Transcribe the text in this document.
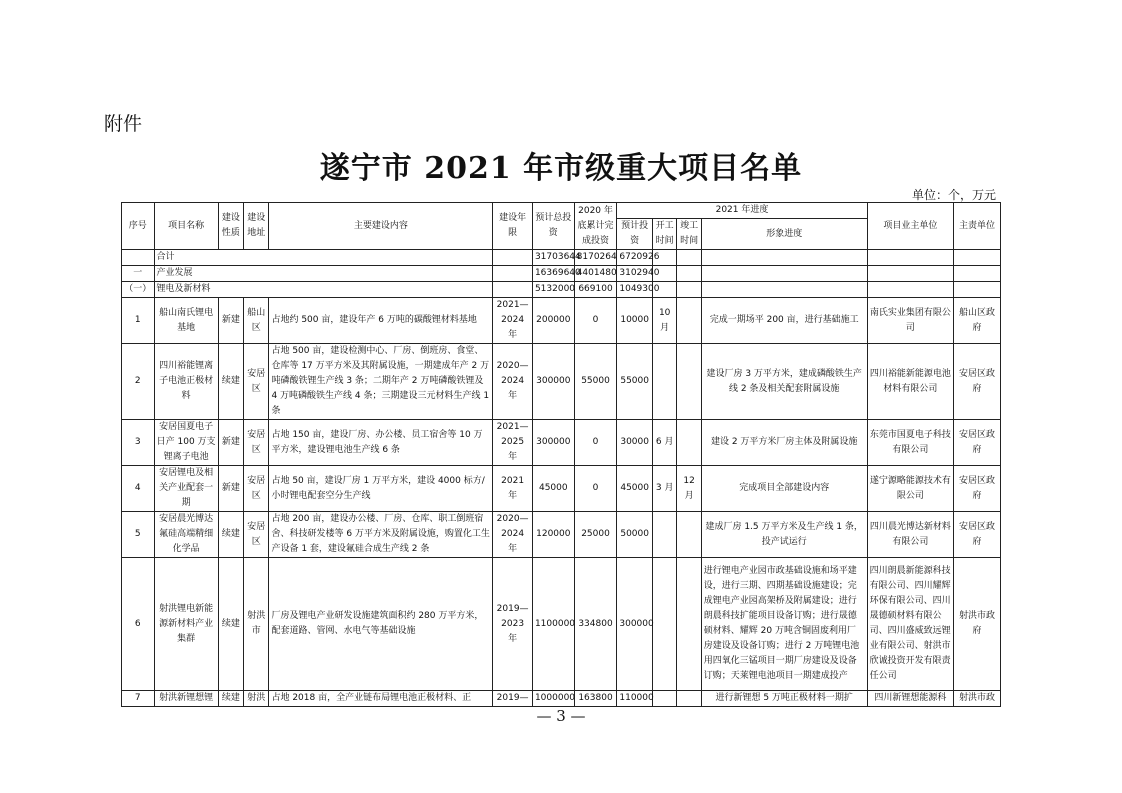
附件
遂宁市 2021 年市级重大项目名单
单位：个，万元
序号	项目名称	建设性质	建设地址	主要建设内容	建设年限	预计总投资	2020 年底累计完成投资	2021 年进度				项目业主单位	主责单位
								预计投资	开工时间	竣工时间	形象进度		
	合计					31703644	8170264	6720926					
一	产业发展					16369640	4401480	3102940					
（一）	锂电及新材料					5132000	669100	1049300					
1	船山南氏锂电基地	新建	船山区	占地约 500 亩，建设年产 6 万吨的碳酸锂材料基地	2021—2024 年	200000	0	10000	10 月		完成一期场平 200 亩，进行基础施工	南氏实业集团有限公司	船山区政府
2	四川裕能锂离子电池正极材料	续建	安居区	占地 500 亩，建设检测中心、厂房、倒班房、食堂、仓库等 17 万平方米及其附属设施，一期建成年产 2 万吨磷酸铁锂生产线 3 条；二期年产 2 万吨磷酸铁锂及 4 万吨磷酸铁生产线 4 条；三期建设三元材料生产线 1 条	2020—2024 年	300000	55000	55000			建设厂房 3 万平方米，建成磷酸铁生产线 2 条及相关配套附属设施	四川裕能新能源电池材料有限公司	安居区政府
3	安居国夏电子日产 100 万支锂离子电池	新建	安居区	占地 150 亩，建设厂房、办公楼、员工宿舍等 10 万平方米，建设锂电池生产线 6 条	2021—2025 年	300000	0	30000	6 月		建设 2 万平方米厂房主体及附属设施	东莞市国夏电子科技有限公司	安居区政府
4	安居锂电及相关产业配套一期	新建	安居区	占地 50 亩，建设厂房 1 万平方米，建设 4000 标方/小时锂电配套空分生产线	2021 年	45000	0	45000	3 月	12 月	完成项目全部建设内容	遂宁源略能源技术有限公司	安居区政府
5	安居晨光博达氟硅高端精细化学品	续建	安居区	占地 200 亩，建设办公楼、厂房、仓库、职工倒班宿舍、科技研发楼等 6 万平方米及附属设施，购置化工生产设备 1 套，建设氟硅合成生产线 2 条	2020—2024 年	120000	25000	50000			建成厂房 1.5 万平方米及生产线 1 条，投产试运行	四川晨光博达新材料有限公司	安居区政府
6	射洪锂电新能源新材料产业集群	续建	射洪市	厂房及锂电产业研发设施建筑面积约 280 万平方米，配套道路、管网、水电气等基础设施	2019—2023 年	1100000	334800	300000			进行锂电产业园市政基础设施和场平建设，进行三期、四期基础设施建设；完成锂电产业园高架桥及附属建设；进行朗晨科技扩能项目设备订购；进行晟德硕材料、耀辉 20 万吨含铜固废利用厂房建设及设备订购；进行 2 万吨锂电池用四氧化三锰项目一期厂房建设及设备订购；天莱锂电池项目一期建成投产	四川朗晨新能源科技有限公司、四川耀辉环保有限公司、四川晟德硕材料有限公司、四川盛威致远锂业有限公司、射洪市欣诚投资开发有限责任公司	射洪市政府
7	射洪新锂想锂	续建	射洪	占地 2018 亩，全产业链布局锂电池正极材料、正	2019—	1000000	163800	110000			进行新锂想 5 万吨正极材料一期扩	四川新锂想能源科	射洪市政
— 3 —
